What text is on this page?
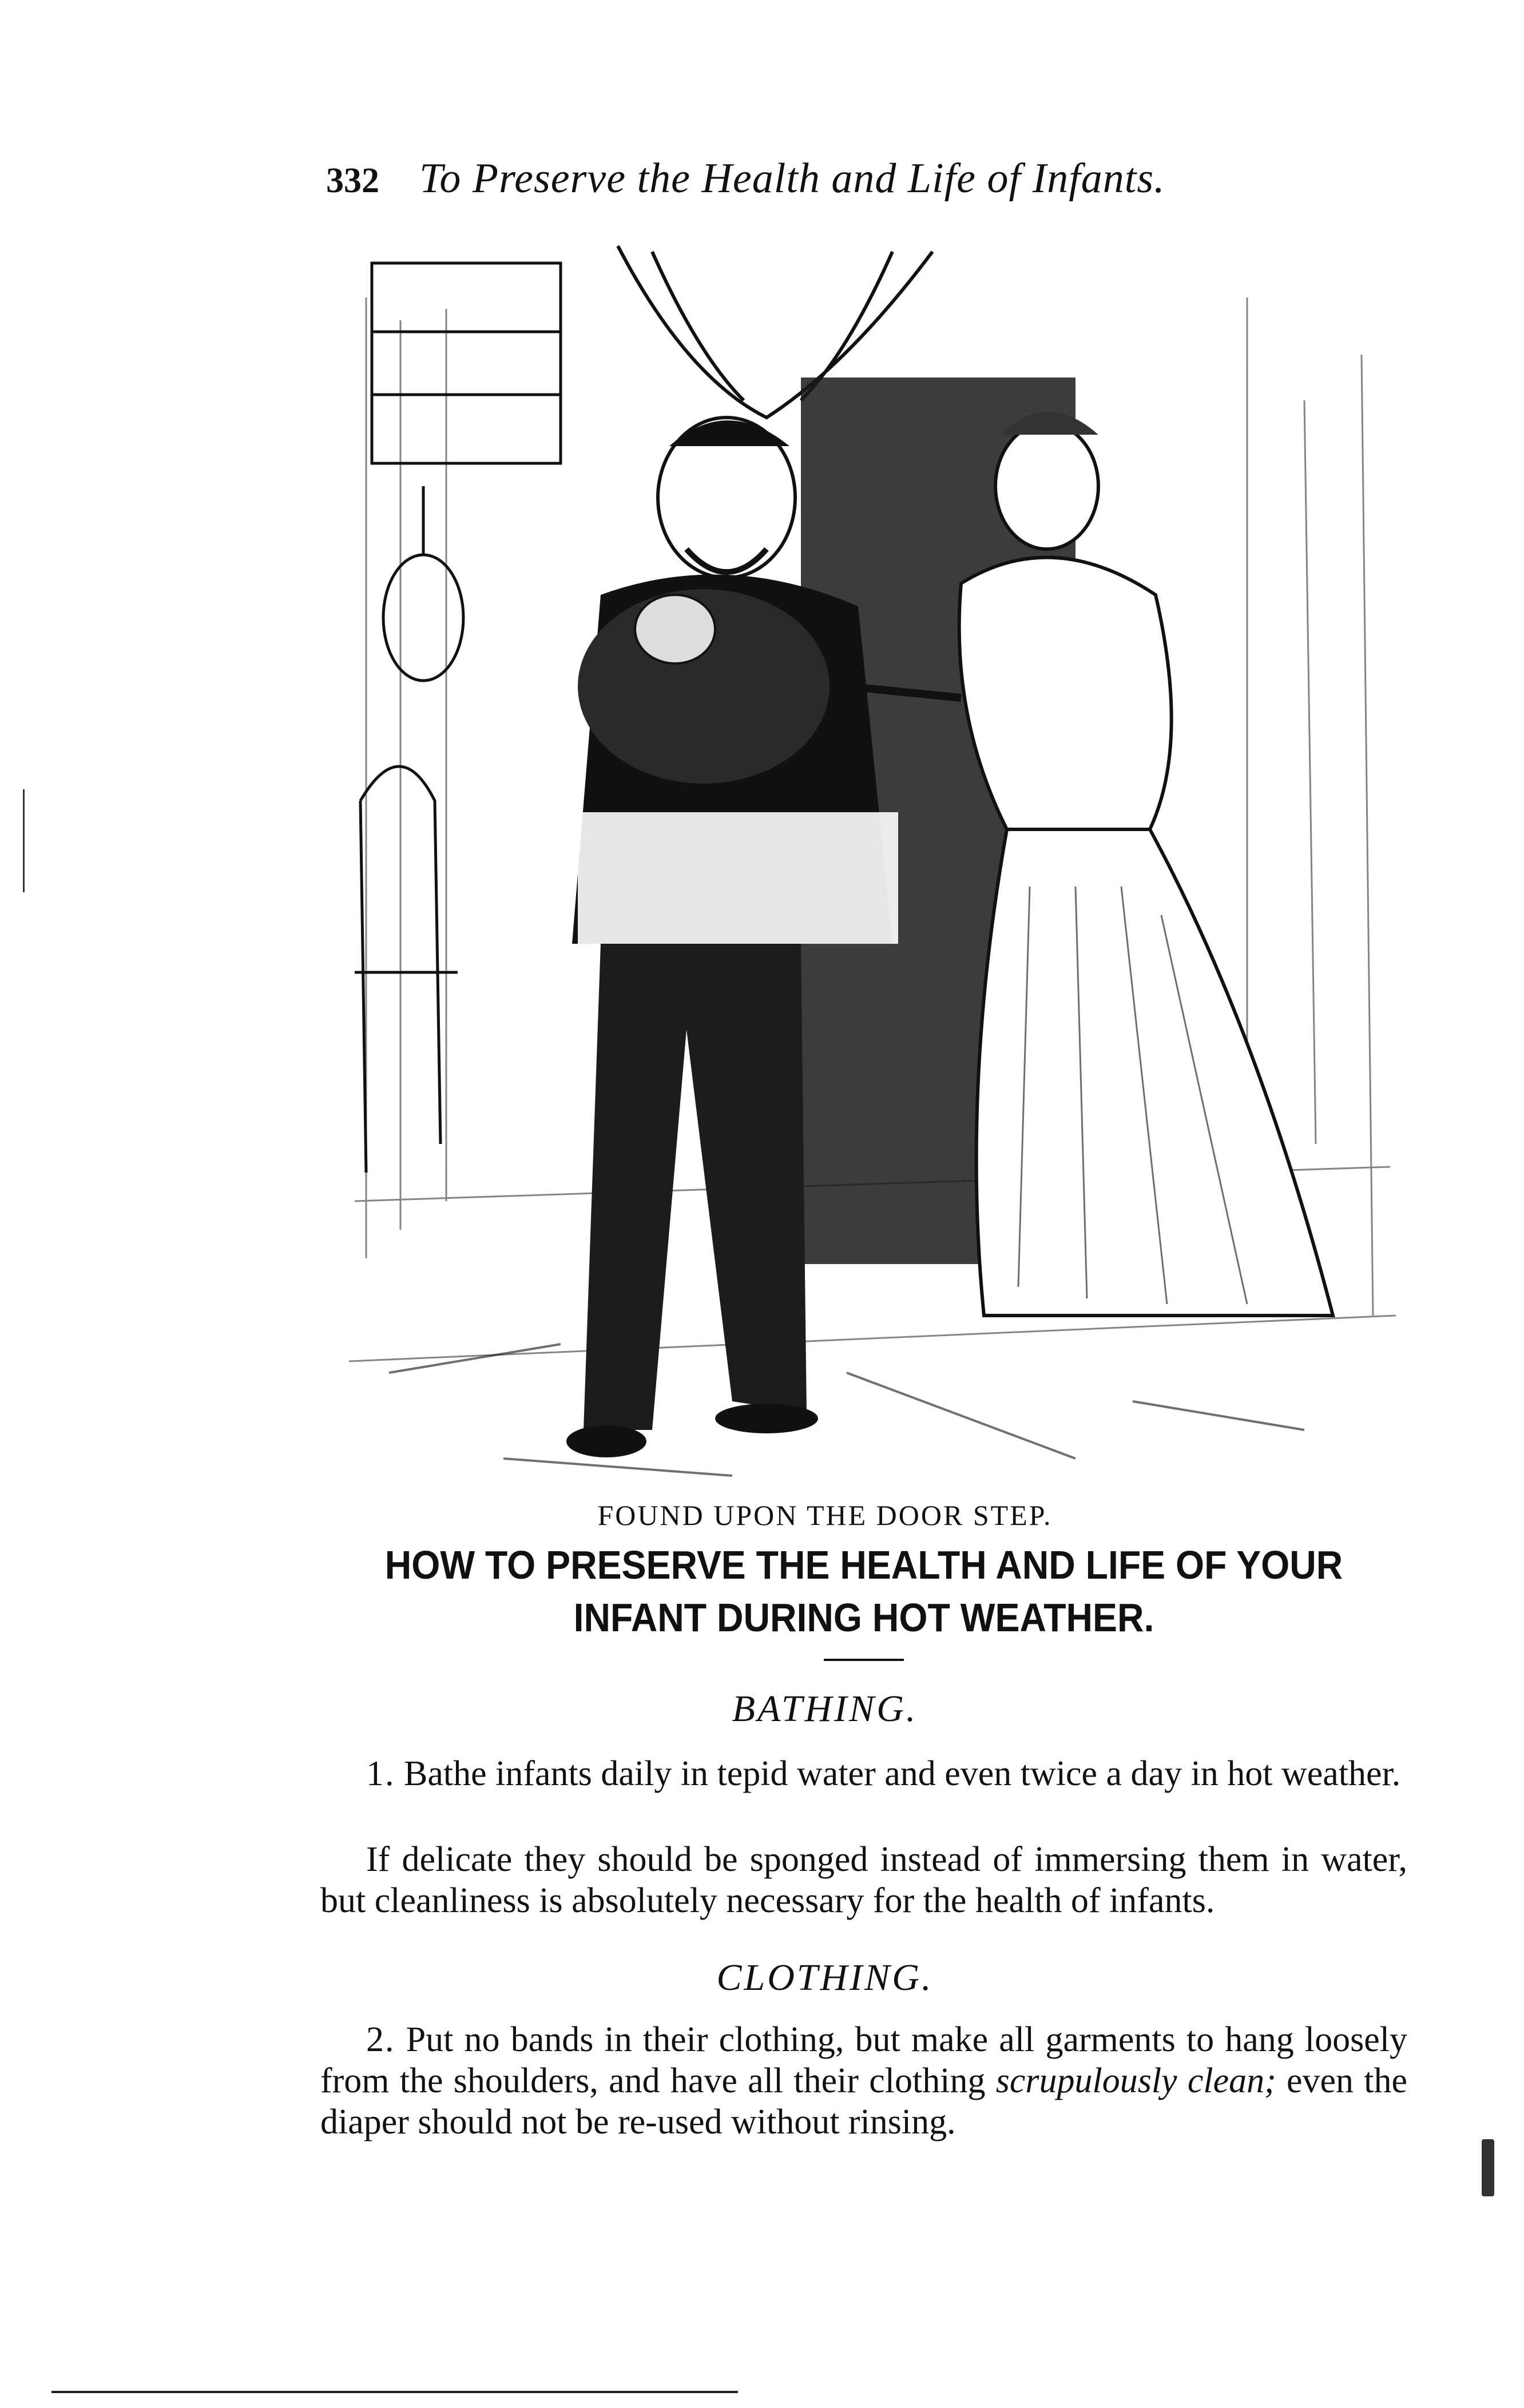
332 To Preserve the Health and Life of Infants.
FOUND UPON THE DOOR STEP.
HOW TO PRESERVE THE HEALTH AND LIFE OF YOUR
INFANT DURING HOT WEATHER.
BATHING.
1. Bathe infants daily in tepid water and even twice a day in hot weather.
If delicate they should be sponged instead of immersing them in water, but cleanliness is absolutely necessary for the health of infants.
CLOTHING.
2. Put no bands in their clothing, but make all garments to hang loosely from the shoulders, and have all their clothing scrupulously clean; even the diaper should not be re-used without rinsing.
